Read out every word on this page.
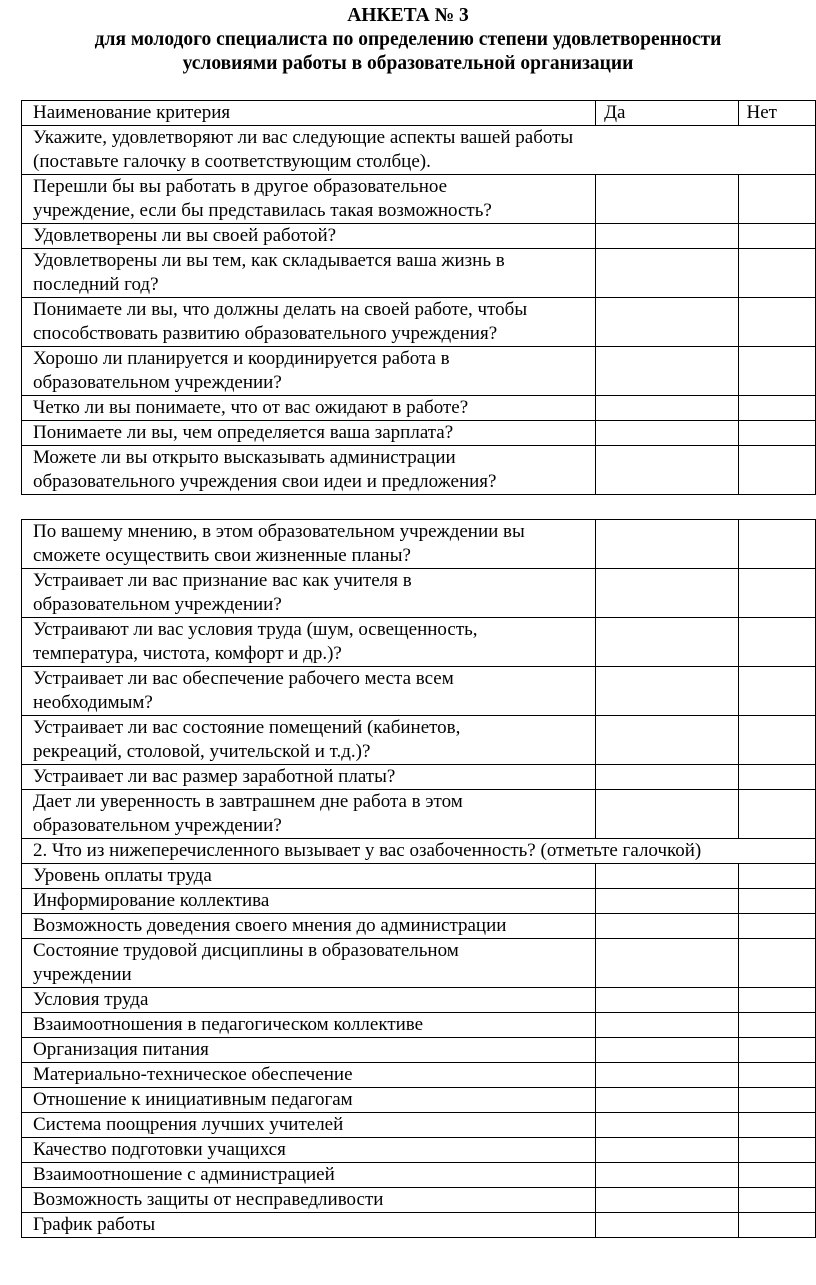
АНКЕТА № 3
для молодого специалиста по определению степени удовлетворенности
условиями работы в образовательной организации
Наименование критерия	Да	Нет

Укажите, удовлетворяют ли вас следующие аспекты вашей работы
(поставьте галочку в соответствующим столбце).		

Перешли бы вы работать в другое образовательное
учреждение, если бы представилась такая возможность?		

Удовлетворены ли вы своей работой?		

Удовлетворены ли вы тем, как складывается ваша жизнь в
последний год?		

Понимаете ли вы, что должны делать на своей работе, чтобы
способствовать развитию образовательного учреждения?		

Хорошо ли планируется и координируется работа в
образовательном учреждении?		

Четко ли вы понимаете, что от вас ожидают в работе?		

Понимаете ли вы, чем определяется ваша зарплата?		

Можете ли вы открыто высказывать администрации
образовательного учреждения свои идеи и предложения?		

По вашему мнению, в этом образовательном учреждении вы
сможете осуществить свои жизненные планы?		

Устраивает ли вас признание вас как учителя в
образовательном учреждении?		

Устраивают ли вас условия труда (шум, освещенность,
температура, чистота, комфорт и др.)?		

Устраивает ли вас обеспечение рабочего места всем
необходимым?		

Устраивает ли вас состояние помещений (кабинетов,
рекреаций, столовой, учительской и т.д.)?		

Устраивает ли вас размер заработной платы?		

Дает ли уверенность в завтрашнем дне работа в этом
образовательном учреждении?		

2. Что из нижеперечисленного вызывает у вас озабоченность? (отметьте галочкой)		

Уровень оплаты труда		

Информирование коллектива		

Возможность доведения своего мнения до администрации		

Состояние трудовой дисциплины в образовательном
учреждении		

Условия труда		

Взаимоотношения в педагогическом коллективе		

Организация питания		

Материально-техническое обеспечение		

Отношение к инициативным педагогам		

Система поощрения лучших учителей		

Качество подготовки учащихся		

Взаимоотношение с администрацией		

Возможность защиты от несправедливости		

График работы		
